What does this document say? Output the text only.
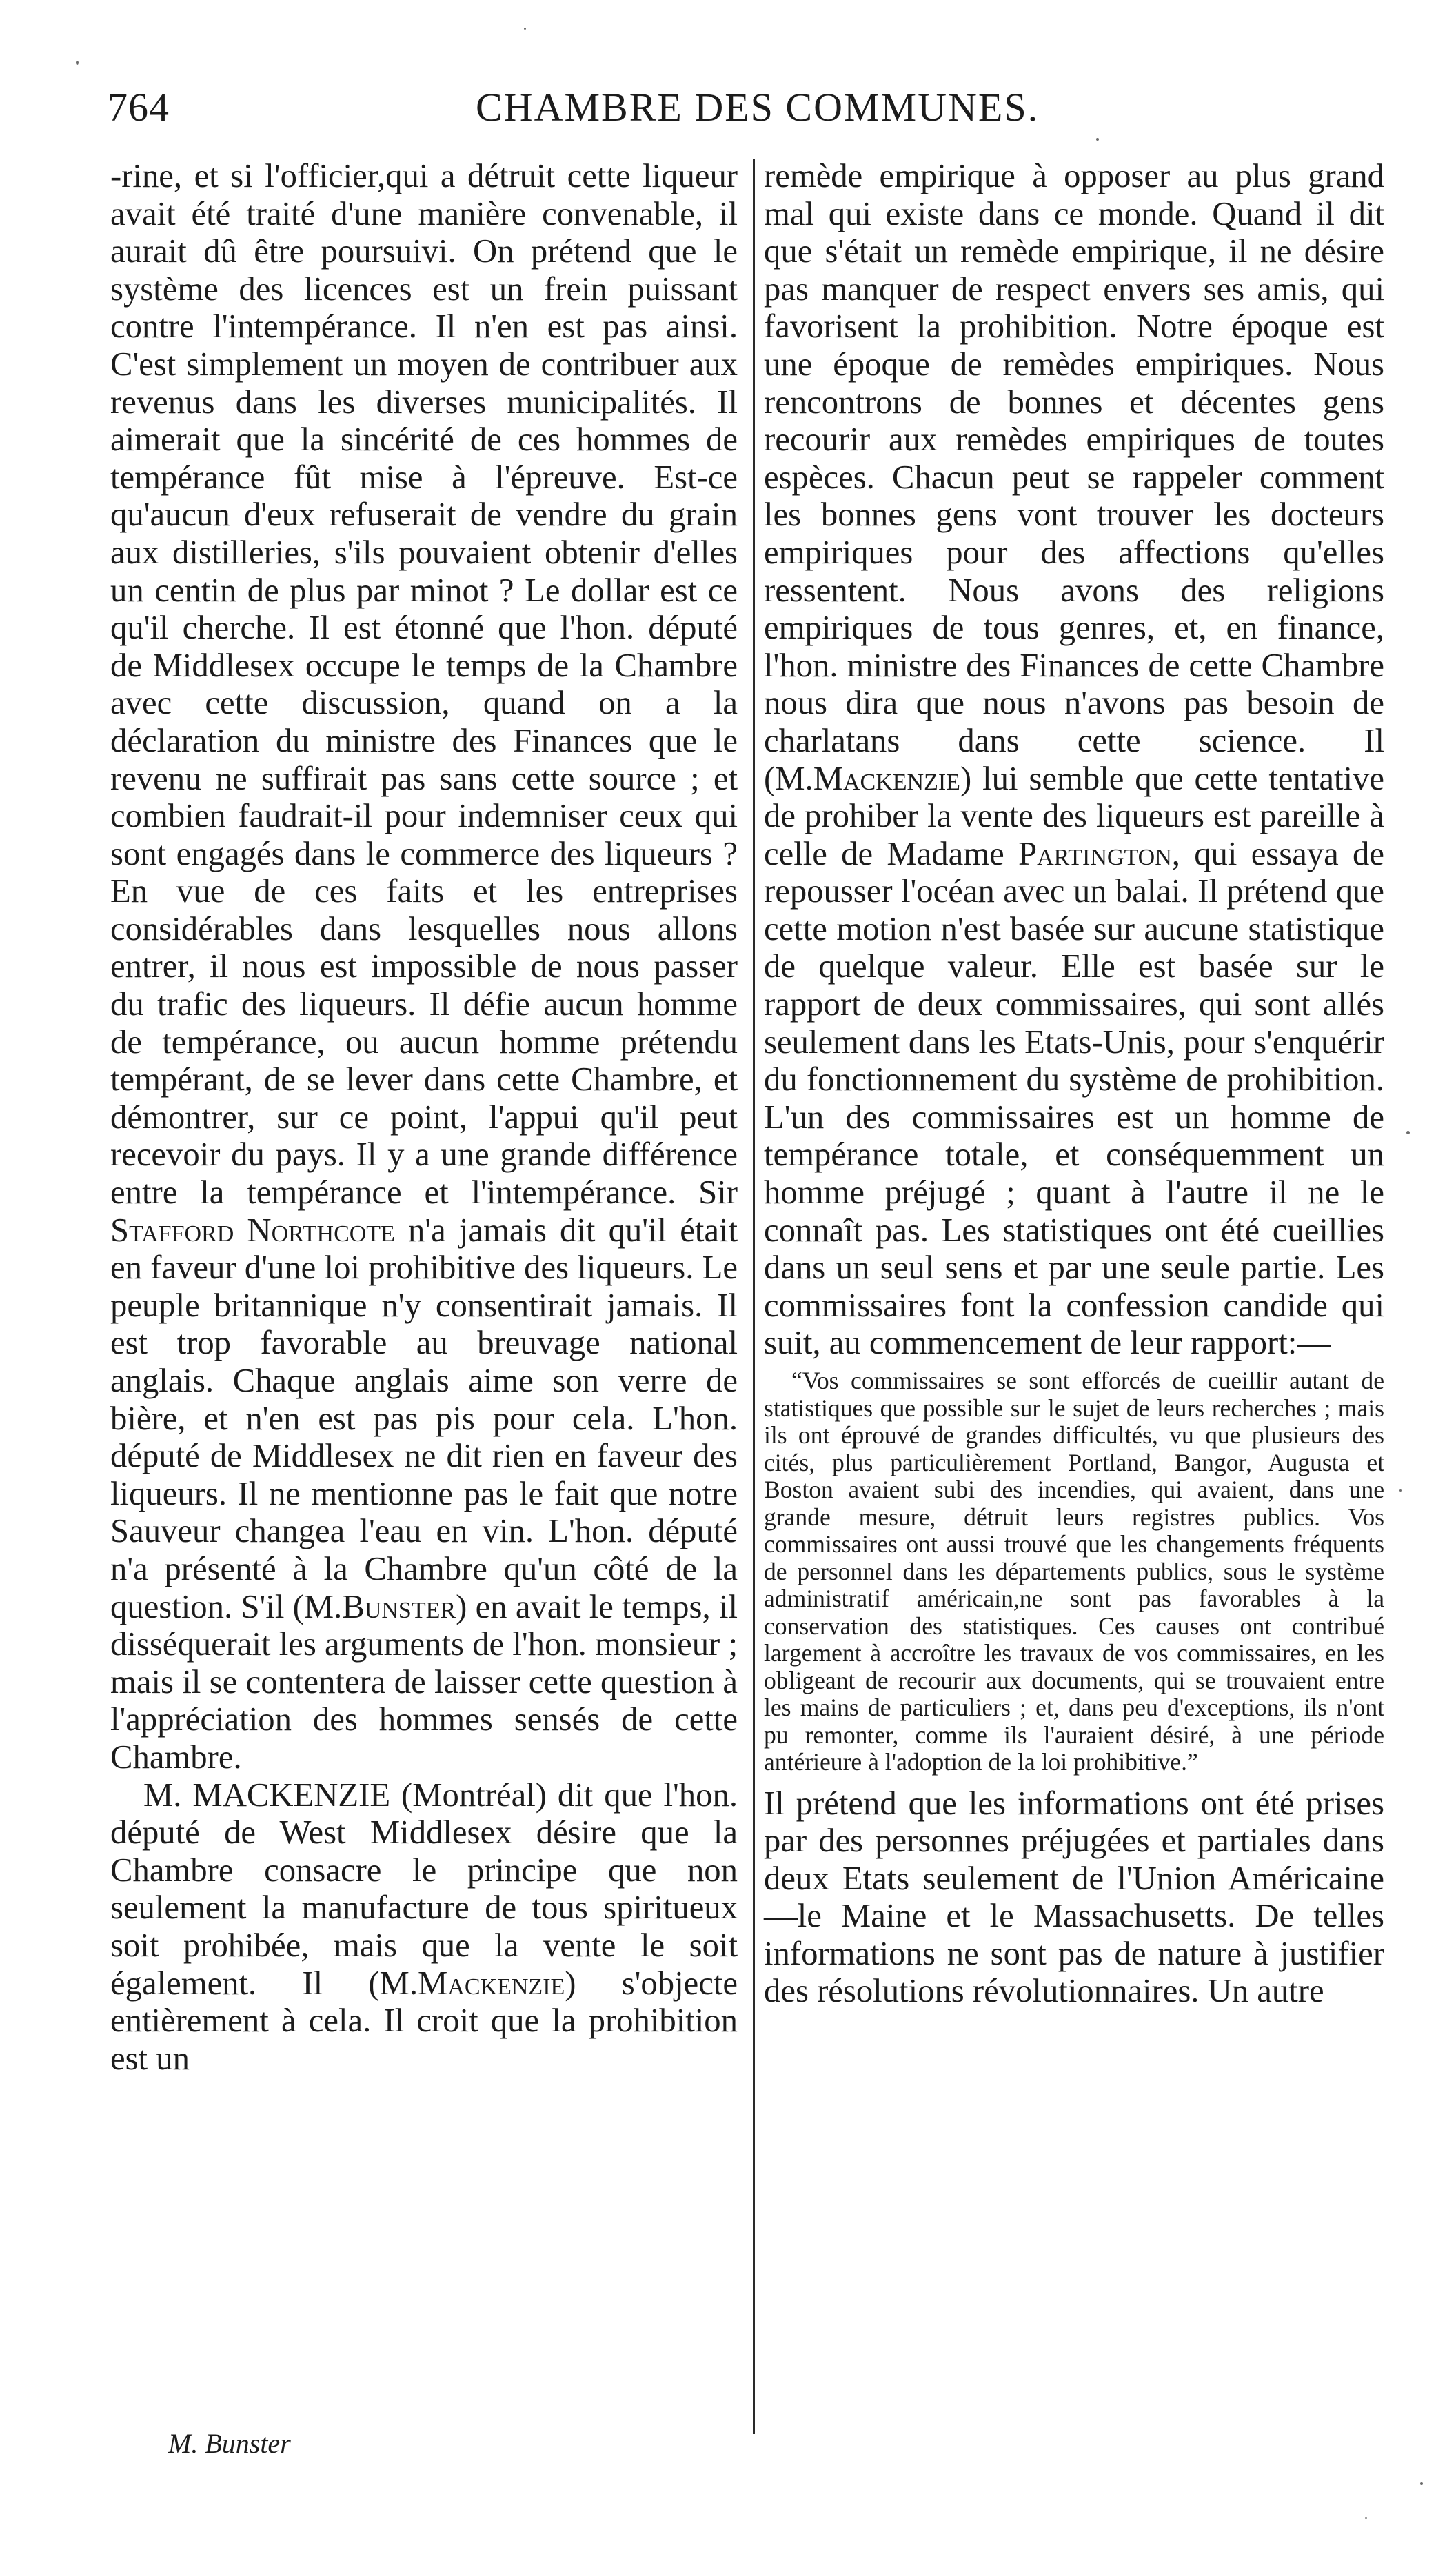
764	CHAMBRE DES COMMUNES.

-rine, et si l'officier,qui a détruit cette liqueur avait été traité d'une manière convenable, il aurait dû être poursuivi. On prétend que le système des licences est un frein puissant contre l'intempérance. Il n'en est pas ainsi. C'est simplement un moyen de contribuer aux revenus dans les diverses municipalités. Il aimerait que la sincérité de ces hommes de tempérance fût mise à l'épreuve. Est-ce qu'aucun d'eux refuserait de vendre du grain aux distilleries, s'ils pouvaient obtenir d'elles un centin de plus par minot ? Le dollar est ce qu'il cherche. Il est étonné que l'hon. député de Middlesex occupe le temps de la Chambre avec cette discussion, quand on a la déclaration du ministre des Finances que le revenu ne suffirait pas sans cette source ; et combien faudrait-il pour indemniser ceux qui sont engagés dans le commerce des liqueurs ? En vue de ces faits et les entreprises considérables dans lesquelles nous allons entrer, il nous est impossible de nous passer du trafic des liqueurs. Il défie aucun homme de tempérance, ou aucun homme prétendu tempérant, de se lever dans cette Chambre, et démontrer, sur ce point, l'appui qu'il peut recevoir du pays. Il y a une grande différence entre la tempérance et l'intempérance. Sir Stafford Northcote n'a jamais dit qu'il était en faveur d'une loi prohibitive des liqueurs. Le peuple britannique n'y consentirait jamais. Il est trop favorable au breuvage national anglais. Chaque anglais aime son verre de bière, et n'en est pas pis pour cela. L'hon. député de Middlesex ne dit rien en faveur des liqueurs. Il ne mentionne pas le fait que notre Sauveur changea l'eau en vin. L'hon. député n'a présenté à la Chambre qu'un côté de la question. S'il (M.Bunster) en avait le temps, il disséquerait les arguments de l'hon. monsieur ; mais il se contentera de laisser cette question à l'appréciation des hommes sensés de cette Chambre.

M. MACKENZIE (Montréal) dit que l'hon. député de West Middlesex désire que la Chambre consacre le principe que non seulement la manufacture de tous spiritueux soit prohibée, mais que la vente le soit également. Il (M.Mackenzie) s'objecte entièrement à cela. Il croit que la prohibition est un

remède empirique à opposer au plus grand mal qui existe dans ce monde. Quand il dit que s'était un remède empirique, il ne désire pas manquer de respect envers ses amis, qui favorisent la prohibition. Notre époque est une époque de remèdes empiriques. Nous rencontrons de bonnes et décentes gens recourir aux remèdes empiriques de toutes espèces. Chacun peut se rappeler comment les bonnes gens vont trouver les docteurs empiriques pour des affections qu'elles ressentent. Nous avons des religions empiriques de tous genres, et, en finance, l'hon. ministre des Finances de cette Chambre nous dira que nous n'avons pas besoin de charlatans dans cette science. Il (M.Mackenzie) lui semble que cette tentative de prohiber la vente des liqueurs est pareille à celle de Madame Partington, qui essaya de repousser l'océan avec un balai. Il prétend que cette motion n'est basée sur aucune statistique de quelque valeur. Elle est basée sur le rapport de deux commissaires, qui sont allés seulement dans les Etats-Unis, pour s'enquérir du fonctionnement du système de prohibition. L'un des commissaires est un homme de tempérance totale, et conséquemment un homme préjugé ; quant à l'autre il ne le connaît pas. Les statistiques ont été cueillies dans un seul sens et par une seule partie. Les commissaires font la confession candide qui suit, au commencement de leur rapport:—

“Vos commissaires se sont efforcés de cueillir autant de statistiques que possible sur le sujet de leurs recherches ; mais ils ont éprouvé de grandes difficultés, vu que plusieurs des cités, plus particulièrement Portland, Bangor, Augusta et Boston avaient subi des incendies, qui avaient, dans une grande mesure, détruit leurs registres publics. Vos commissaires ont aussi trouvé que les changements fréquents de personnel dans les départements publics, sous le système administratif américain,ne sont pas favorables à la conservation des statistiques. Ces causes ont contribué largement à accroître les travaux de vos commissaires, en les obligeant de recourir aux documents, qui se trouvaient entre les mains de particuliers ; et, dans peu d'exceptions, ils n'ont pu remonter, comme ils l'auraient désiré, à une période antérieure à l'adoption de la loi prohibitive.”

Il prétend que les informations ont été prises par des personnes préjugées et partiales dans deux Etats seulement de l'Union Américaine—le Maine et le Massachusetts. De telles informations ne sont pas de nature à justifier des résolutions révolutionnaires. Un autre

M. Bunster
